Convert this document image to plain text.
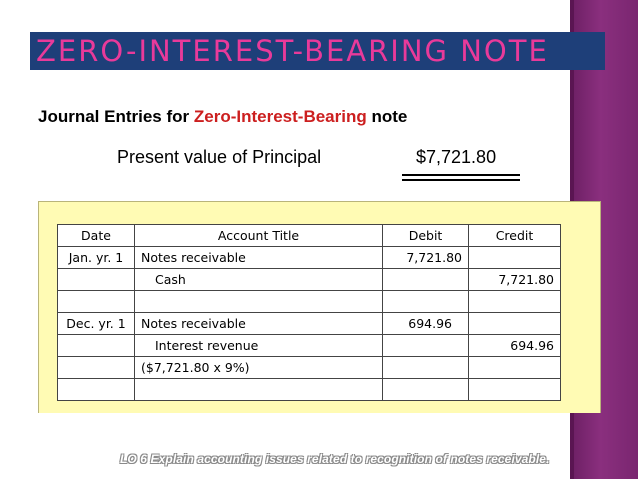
ZERO-INTEREST-BEARING NOTE
Journal Entries for Zero-Interest-Bearing note
Present value of Principal	$7,721.80
Date	Account Title	Debit	Credit
Jan. yr. 1	Notes receivable	7,721.80	
	Cash		7,721.80

Dec. yr. 1	Notes receivable	694.96	
	Interest revenue		694.96
	($7,721.80 x 9%)		

LO 6 Explain accounting issues related to recognition of notes receivable.
